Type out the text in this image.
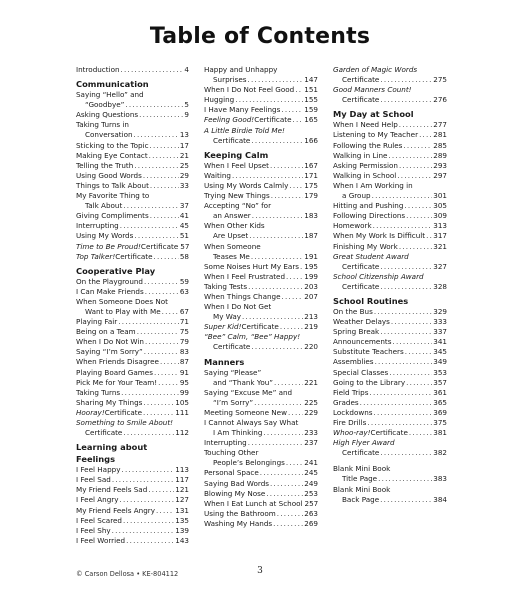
Table of Contents
Introduction .....	4
Communication
Saying “Hello” and
“Goodbye” .....	5
Asking Questions .....	9
Taking Turns in
Conversation .....	13
Sticking to the Topic .....	17
Making Eye Contact .....	21
Telling the Truth .....	25
Using Good Words .....	29
Things to Talk About .....	33
My Favorite Thing to
Talk About .....	37
Giving Compliments .....	41
Interrupting .....	45
Using My Words .....	51
Time to Be Proud! Certificate 57
Top Talker! Certificate .....	58
Cooperative Play
On the Playground .....	59
I Can Make Friends .....	63
When Someone Does Not
Want to Play with Me .....	67
Playing Fair .....	71
Being on a Team .....	75
When I Do Not Win .....	79
Saying “I’m Sorry” .....	83
When Friends Disagree .....	87
Playing Board Games .....	91
Pick Me for Your Team! .....	95
Taking Turns .....	99
Sharing My Things .....	105
Hooray! Certificate .....	111
Something to Smile About!
Certificate .....	112
Learning about Feelings
I Feel Happy .....	113
I Feel Sad .....	117
My Friend Feels Sad .....	121
I Feel Angry .....	127
My Friend Feels Angry .....	131
I Feel Scared .....	135
I Feel Shy .....	139
I Feel Worried .....	143
Happy and Unhappy
Surprises .....	147
When I Do Not Feel Good ..... 151
Hugging .....	155
I Have Many Feelings .....	159
Feeling Good! Certificate ..... 165
A Little Birdie Told Me!
Certificate .....	166
Keeping Calm
When I Feel Upset .....	167
Waiting .....	171
Using My Words Calmly ..... 175
Trying New Things .....	179
Accepting “No” for
an Answer .....	183
When Other Kids
Are Upset .....	187
When Someone
Teases Me .....	191
Some Noises Hurt My Ears ..... 195
When I Feel Frustrated .....	199
Taking Tests .....	203
When Things Change .....	207
When I Do Not Get
My Way .....	213
Super Kid! Certificate .....	219
“Bee” Calm, “Bee” Happy!
Certificate .....	220
Manners
Saying “Please”
and “Thank You” .....	221
Saying “Excuse Me” and
“I’m Sorry” .....	225
Meeting Someone New ..... 229
I Cannot Always Say What
I Am Thinking .....	233
Interrupting .....	237
Touching Other
People’s Belongings .....	241
Personal Space .....	245
Saying Bad Words .....	249
Blowing My Nose .....	253
When I Eat Lunch at School 257
Using the Bathroom .....	263
Washing My Hands .....	269
Garden of Magic Words
Certificate .....	275
Good Manners Count!
Certificate .....	276
My Day at School
When I Need Help .....	277
Listening to My Teacher ..... 281
Following the Rules .....	285
Walking in Line .....	289
Asking Permission .....	293
Walking in School .....	297
When I Am Working in
a Group .....	301
Hitting and Pushing .....	305
Following Directions .....	309
Homework .....	313
When My Work Is Difficult ..... 317
Finishing My Work .....	321
Great Student Award
Certificate .....	327
School Citizenship Award
Certificate .....	328
School Routines
On the Bus .....	329
Weather Delays .....	333
Spring Break .....	337
Announcements .....	341
Substitute Teachers .....	345
Assemblies .....	349
Special Classes .....	353
Going to the Library .....	357
Field Trips .....	361
Grades .....	365
Lockdowns .....	369
Fire Drills .....	375
Whoo-ray! Certificate .....	381
High Flyer Award
Certificate .....	382
Blank Mini Book
Title Page .....	383
Blank Mini Book
Back Page .....	384
© Carson Dellosa • KE-804112	3
